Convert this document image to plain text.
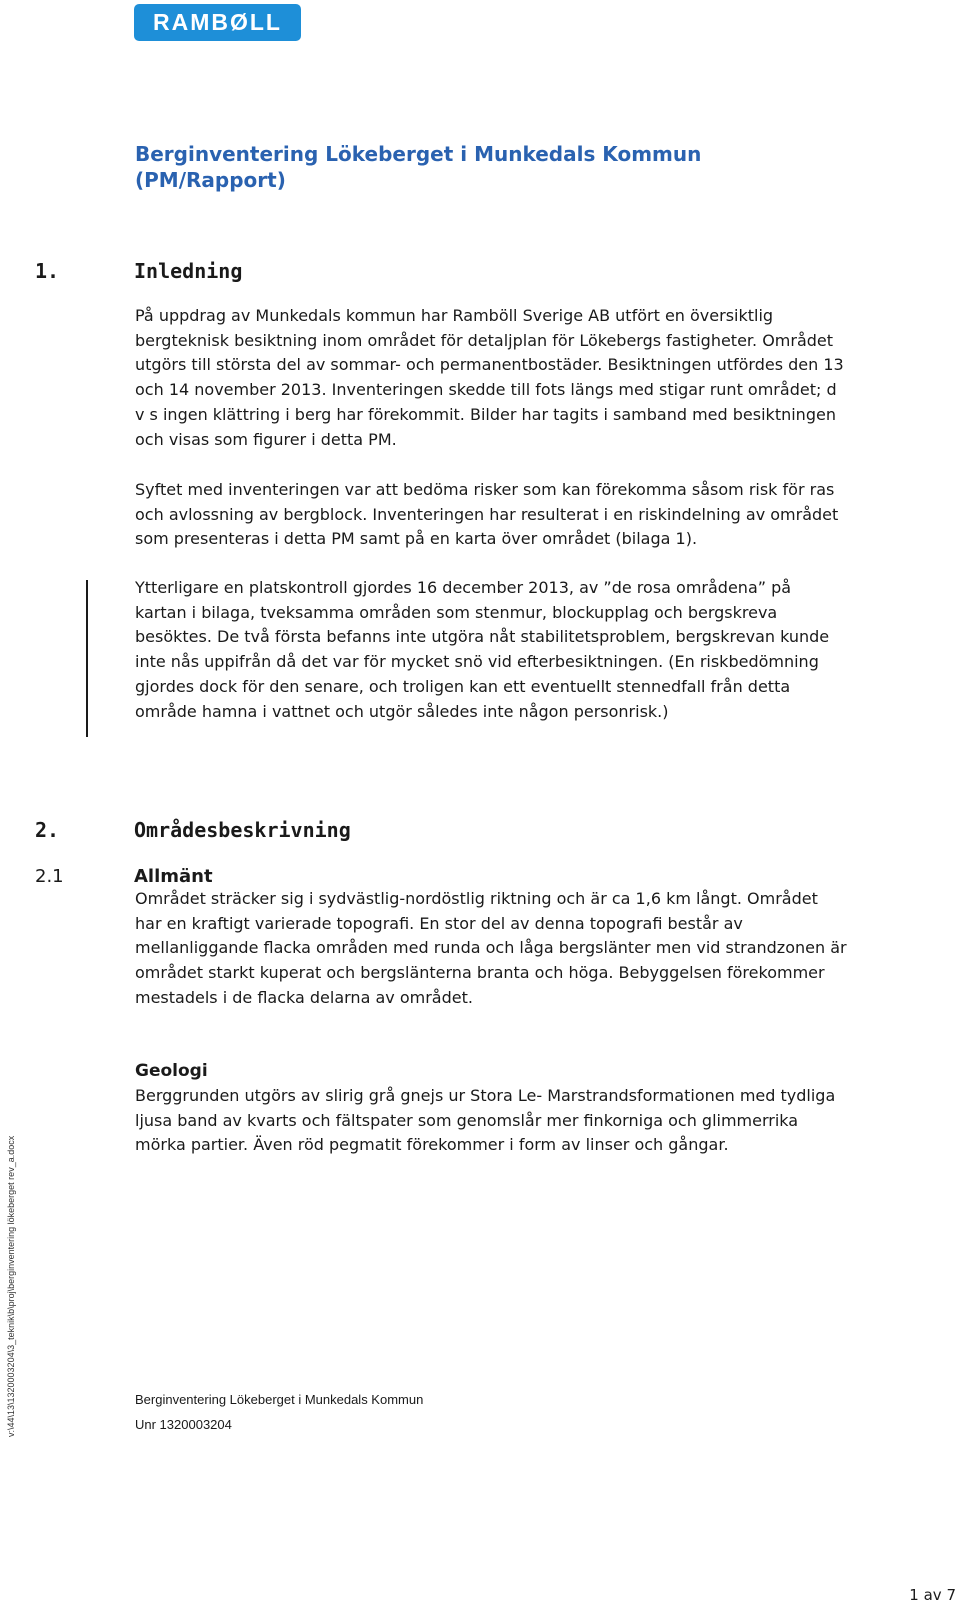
RAMBØLL
Berginventering Lökeberget i Munkedals Kommun
(PM/Rapport)
1.	Inledning

På uppdrag av Munkedals kommun har Ramböll Sverige AB utfört en översiktlig bergteknisk besiktning inom området för detaljplan för Lökebergs fastigheter. Området utgörs till största del av sommar- och permanentbostäder. Besiktningen utfördes den 13 och 14 november 2013. Inventeringen skedde till fots längs med stigar runt området; d v s ingen klättring i berg har förekommit. Bilder har tagits i samband med besiktningen och visas som figurer i detta PM.

Syftet med inventeringen var att bedöma risker som kan förekomma såsom risk för ras och avlossning av bergblock. Inventeringen har resulterat i en riskindelning av området som presenteras i detta PM samt på en karta över området (bilaga 1).

Ytterligare en platskontroll gjordes 16 december 2013, av ”de rosa områdena” på kartan i bilaga, tveksamma områden som stenmur, blockupplag och bergskreva besöktes. De två första befanns inte utgöra nåt stabilitetsproblem, bergskrevan kunde inte nås uppifrån då det var för mycket snö vid efterbesiktningen. (En riskbedömning gjordes dock för den senare, och troligen kan ett eventuellt stennedfall från detta område hamna i vattnet och utgör således inte någon personrisk.)

2.	Områdesbeskrivning
2.1	Allmänt

Området sträcker sig i sydvästlig-nordöstlig riktning och är ca 1,6 km långt. Området har en kraftigt varierade topografi. En stor del av denna topografi består av mellanliggande flacka områden med runda och låga bergslänter men vid strandzonen är området starkt kuperat och bergslänterna branta och höga. Bebyggelsen förekommer mestadels i de flacka delarna av området.

Geologi

Berggrunden utgörs av slirig grå gnejs ur Stora Le- Marstrandsformationen med tydliga ljusa band av kvarts och fältspater som genomslår mer finkorniga och glimmerrika mörka partier. Även röd pegmatit förekommer i form av linser och gångar.

1 av 7
Berginventering Lökeberget i Munkedals Kommun
Unr 1320003204
v:\44\13\1320003204\3_teknik\b\proj\berginventering lökeberget rev_a.docx
